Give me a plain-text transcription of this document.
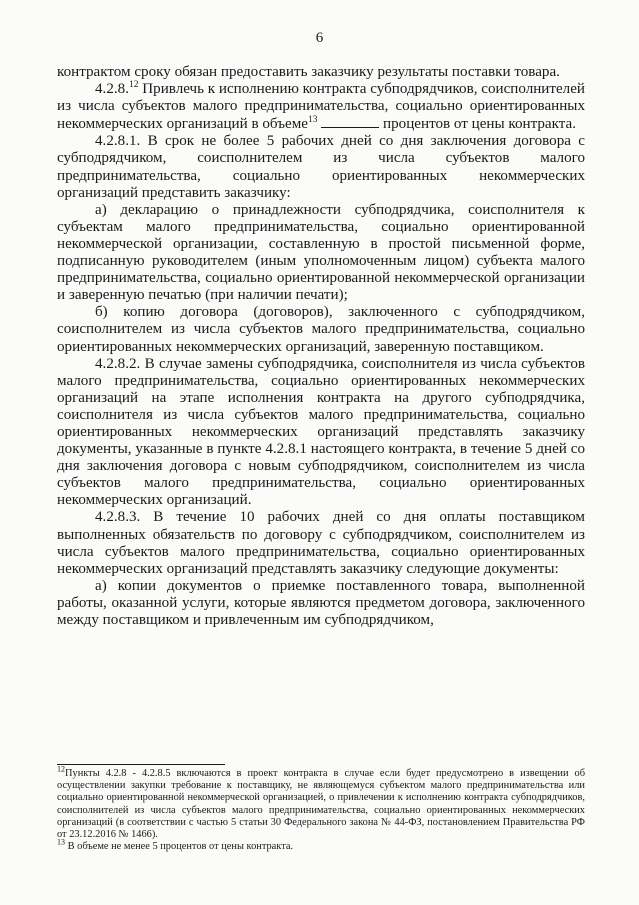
6

контрактом сроку обязан предоставить заказчику результаты поставки товара.

4.2.8.12 Привлечь к исполнению контракта субподрядчиков, соисполнителей из числа субъектов малого предпринимательства, социально ориентированных некоммерческих организаций в объеме$^{13}$	процентов от цены контракта.

4.2.8.1. В срок не более 5 рабочих дней со дня заключения договора с субподрядчиком, соисполнителем из числа субъектов малого предпринимательства, социально ориентированных некоммерческих организаций представить заказчику:

а) декларацию о принадлежности субподрядчика, соисполнителя к субъектам малого предпринимательства, социально ориентированной некоммерческой организации, составленную в простой письменной форме, подписанную руководителем (иным уполномоченным лицом) субъекта малого предпринимательства, социально ориентированной некоммерческой организации и заверенную печатью (при наличии печати);

б) копию договора (договоров), заключенного с субподрядчиком, соисполнителем из числа субъектов малого предпринимательства, социально ориентированных некоммерческих организаций, заверенную поставщиком.

4.2.8.2. В случае замены субподрядчика, соисполнителя из числа субъектов малого предпринимательства, социально ориентированных некоммерческих организаций на этапе исполнения контракта на другого субподрядчика, соисполнителя из числа субъектов малого предпринимательства, социально ориентированных некоммерческих организаций представлять заказчику документы, указанные в пункте 4.2.8.1 настоящего контракта, в течение 5 дней со дня заключения договора с новым субподрядчиком, соисполнителем из числа субъектов малого предпринимательства, социально ориентированных некоммерческих организаций.

4.2.8.3. В течение 10 рабочих дней со дня оплаты поставщиком выполненных обязательств по договору с субподрядчиком, соисполнителем из числа субъектов малого предпринимательства, социально ориентированных некоммерческих организаций представлять заказчику следующие документы:

а) копии документов о приемке поставленного товара, выполненной работы, оказанной услуги, которые являются предметом договора, заключенного между поставщиком и привлеченным им субподрядчиком,

$^{12}$Пункты 4.2.8 - 4.2.8.5 включаются в проект контракта в случае если будет предусмотрено в извещении об осуществлении закупки требование к поставщику, не являющемуся субъектом малого предпринимательства или социально ориентированной некоммерческой организацией, о привлечении к исполнению контракта субподрядчиков, соисполнителей из числа субъектов малого предпринимательства, социально ориентированных некоммерческих организаций (в соответствии с частью 5 статьи 30 Федерального закона № 44-ФЗ, постановлением Правительства РФ от 23.12.2016 № 1466).

$^{13}$ В объеме не менее 5 процентов от цены контракта.
